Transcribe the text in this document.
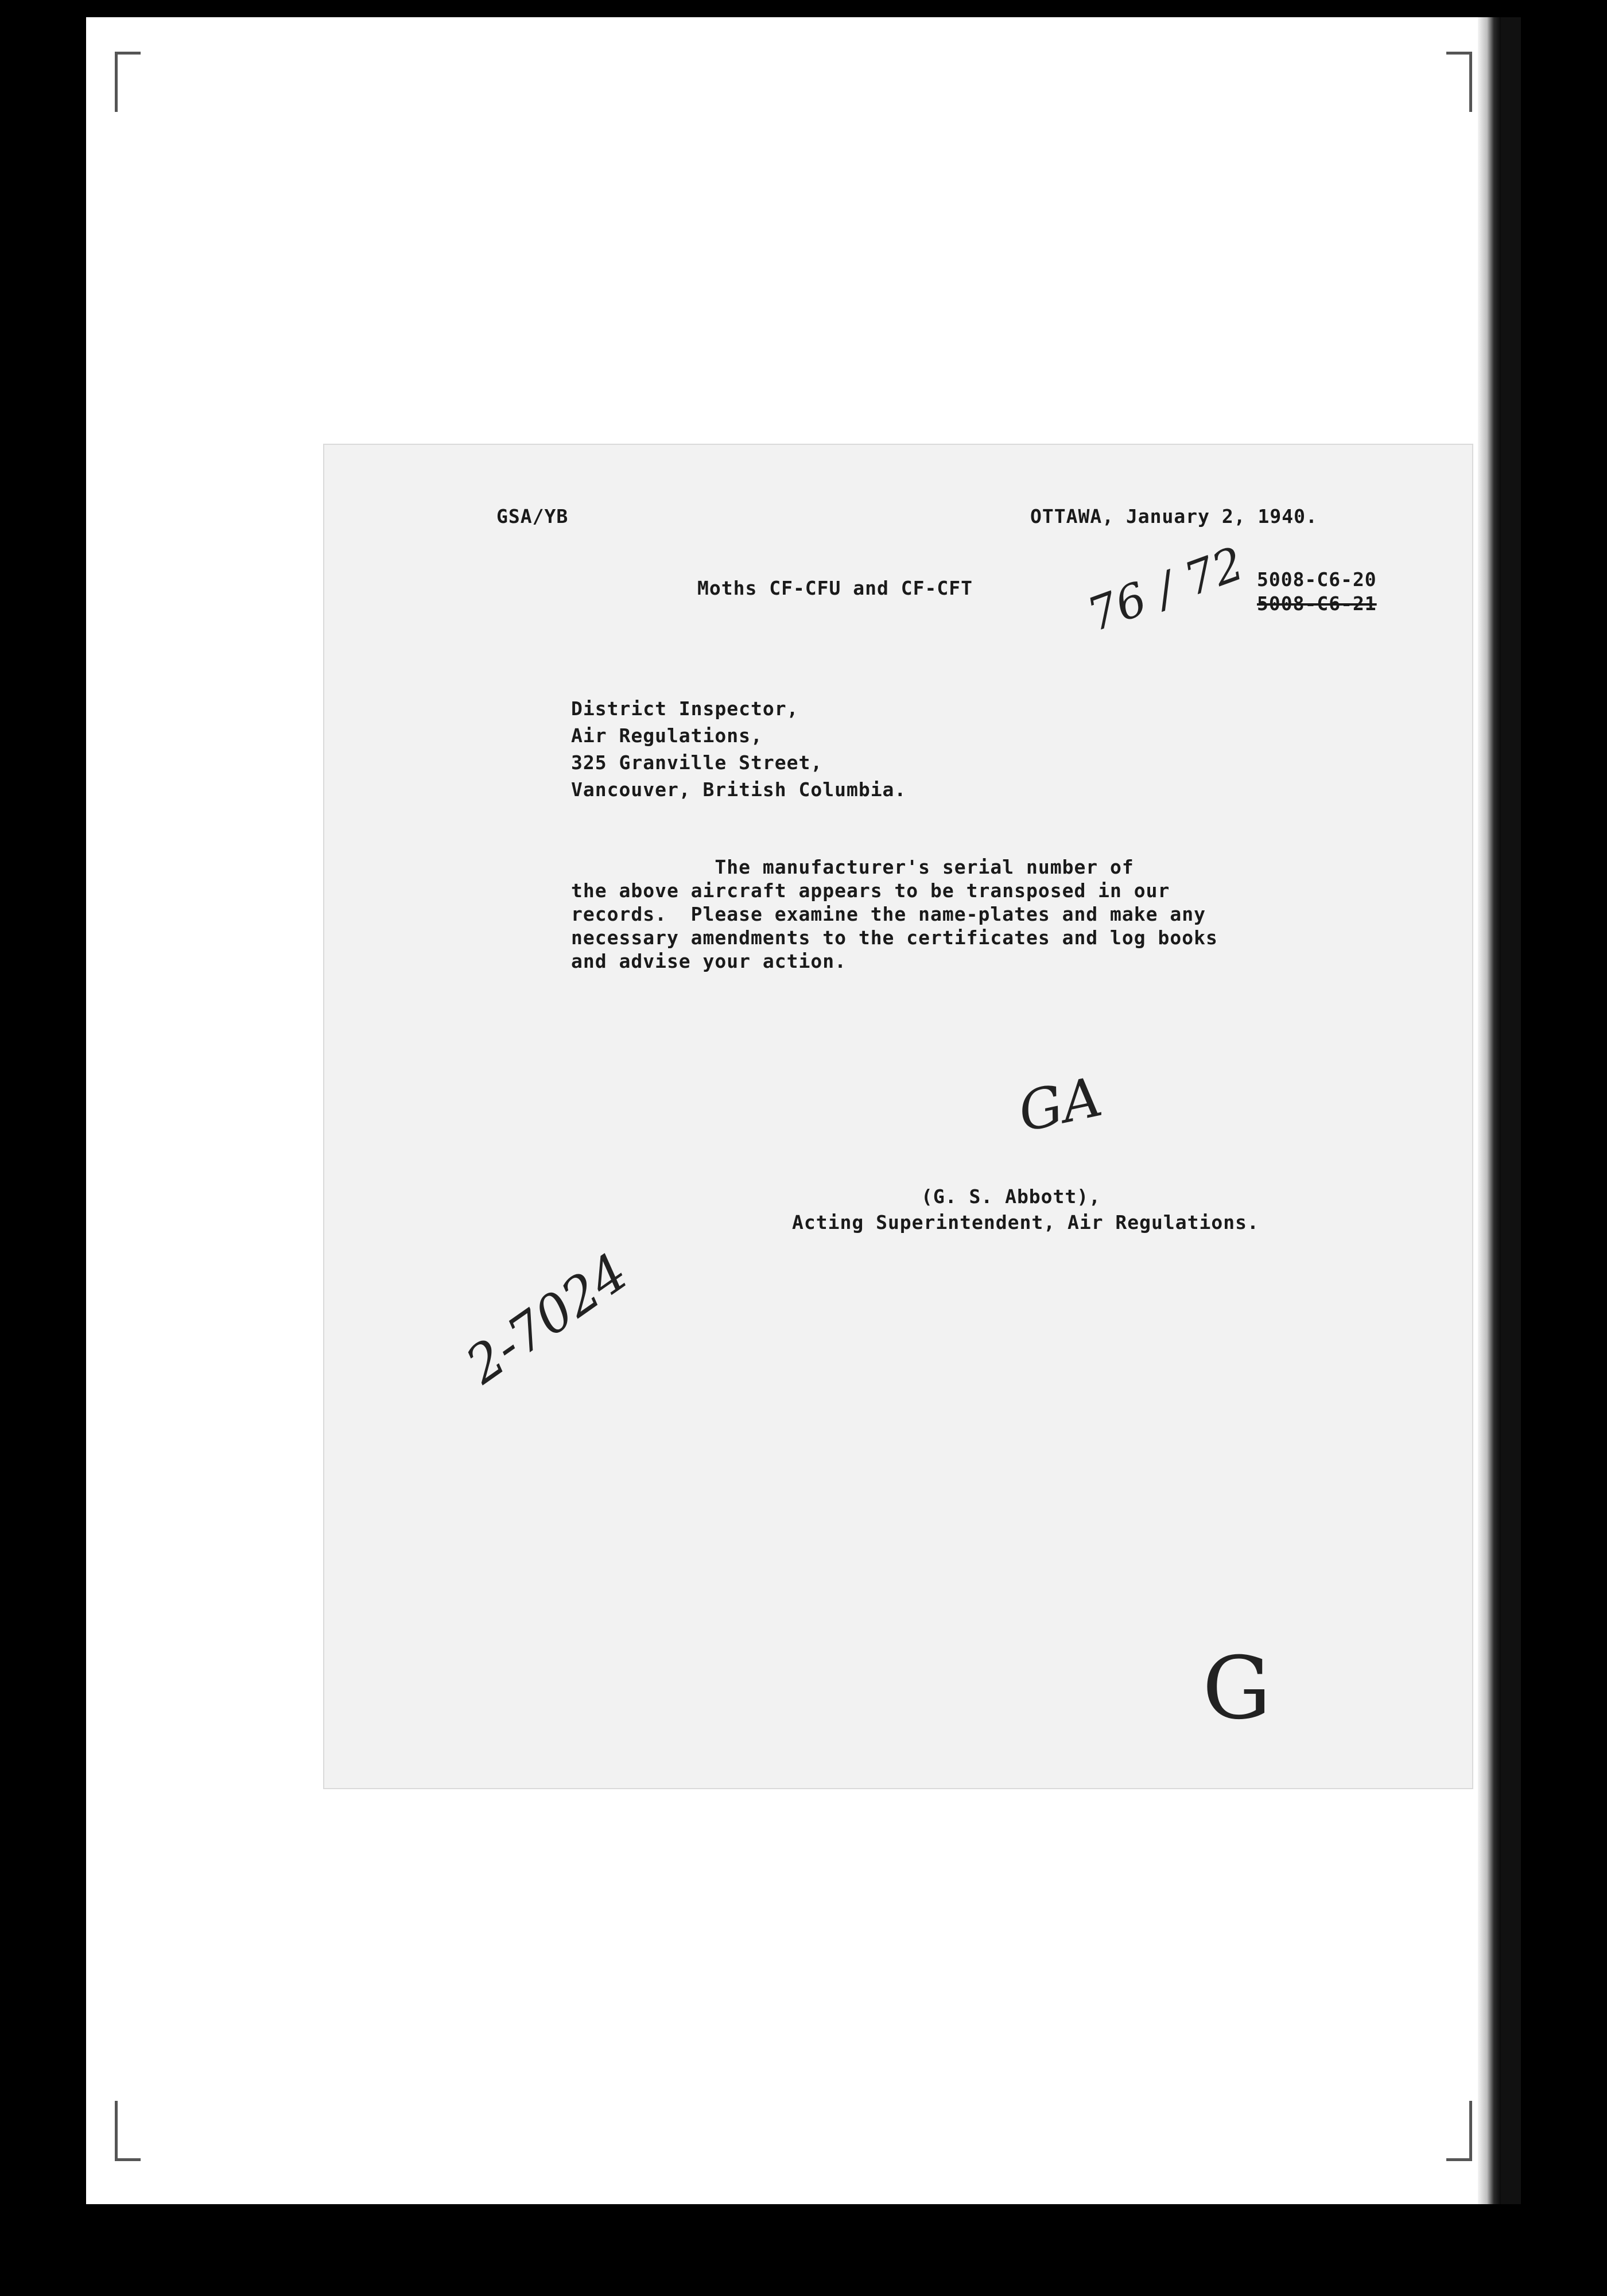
GSA/YB	OTTAWA, January 2, 1940.
Moths CF-CFU and CF-CFT	5008-C6-20
5008-C6-21
76 / 72
District Inspector,
Air Regulations,
325 Granville Street,
Vancouver, British Columbia.
The manufacturer's serial number of
the above aircraft appears to be transposed in our
records.  Please examine the name-plates and make any
necessary amendments to the certificates and log books
and advise your action.
GA
(G. S. Abbott),
Acting Superintendent, Air Regulations.
2-7024
G
